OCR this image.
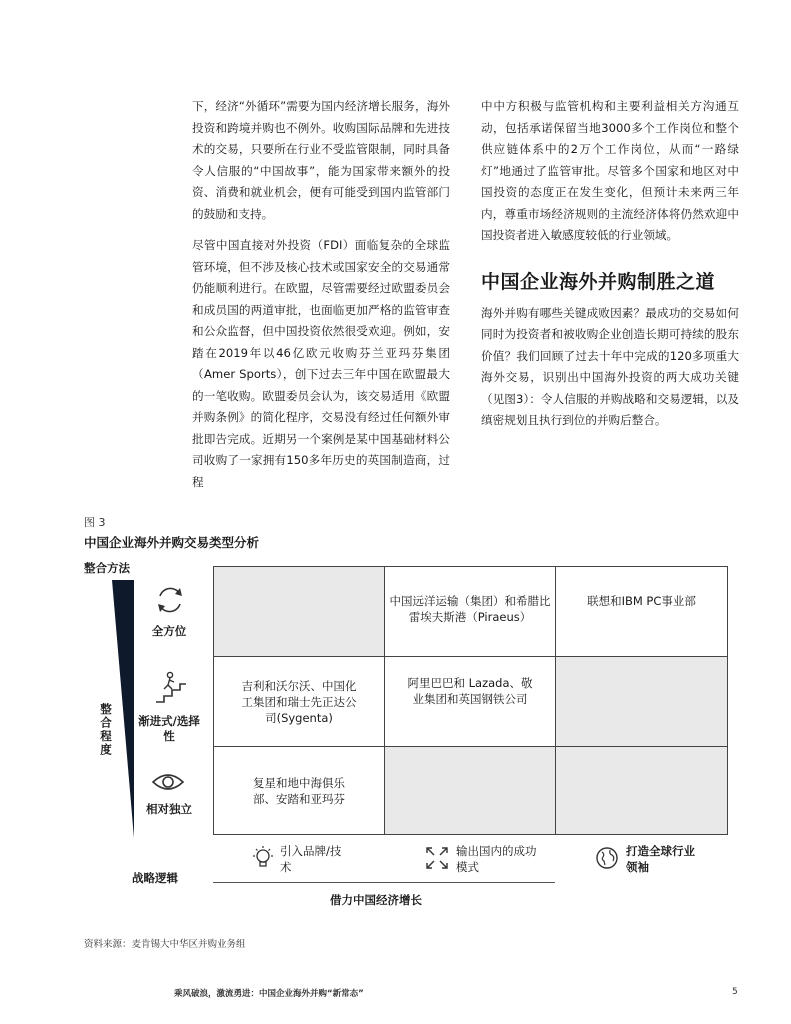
下，经济“外循环”需要为国内经济增长服务，海外投资和跨境并购也不例外。收购国际品牌和先进技术的交易，只要所在行业不受监管限制，同时具备令人信服的“中国故事”，能为国家带来额外的投资、消费和就业机会，便有可能受到国内监管部门的鼓励和支持。

尽管中国直接对外投资（FDI）面临复杂的全球监管环境，但不涉及核心技术或国家安全的交易通常仍能顺利进行。在欧盟，尽管需要经过欧盟委员会和成员国的两道审批，也面临更加严格的监管审查和公众监督，但中国投资依然很受欢迎。例如，安踏在2019年以46亿欧元收购芬兰亚玛芬集团（Amer Sports），创下过去三年中国在欧盟最大的一笔收购。欧盟委员会认为，该交易适用《欧盟并购条例》的简化程序，交易没有经过任何额外审批即告完成。近期另一个案例是某中国基础材料公司收购了一家拥有150多年历史的英国制造商，过程

中中方积极与监管机构和主要利益相关方沟通互动，包括承诺保留当地3000多个工作岗位和整个供应链体系中的2万个工作岗位，从而“一路绿灯”地通过了监管审批。尽管多个国家和地区对中国投资的态度正在发生变化，但预计未来两三年内，尊重市场经济规则的主流经济体将仍然欢迎中国投资者进入敏感度较低的行业领域。

中国企业海外并购制胜之道

海外并购有哪些关键成败因素？最成功的交易如何同时为投资者和被收购企业创造长期可持续的股东价值？我们回顾了过去十年中完成的120多项重大海外交易，识别出中国海外投资的两大成功关键（见图3）：令人信服的并购战略和交易逻辑，以及缜密规划且执行到位的并购后整合。

图 3
中国企业海外并购交易类型分析
整合方法
整合程度
全方位
渐进式/选择性
相对独立
中国远洋运输（集团）和希腊比雷埃夫斯港（Piraeus）
联想和IBM PC事业部
吉利和沃尔沃、中国化工集团和瑞士先正达公司(Sygenta)
阿里巴巴和 Lazada、敬业集团和英国钢铁公司
复星和地中海俱乐部、安踏和亚玛芬
引入品牌/技术
输出国内的成功模式
打造全球行业领袖
战略逻辑
借力中国经济增长
资料来源：麦肯锡大中华区并购业务组
乘风破浪，激流勇进：中国企业海外并购“新常态”	5
